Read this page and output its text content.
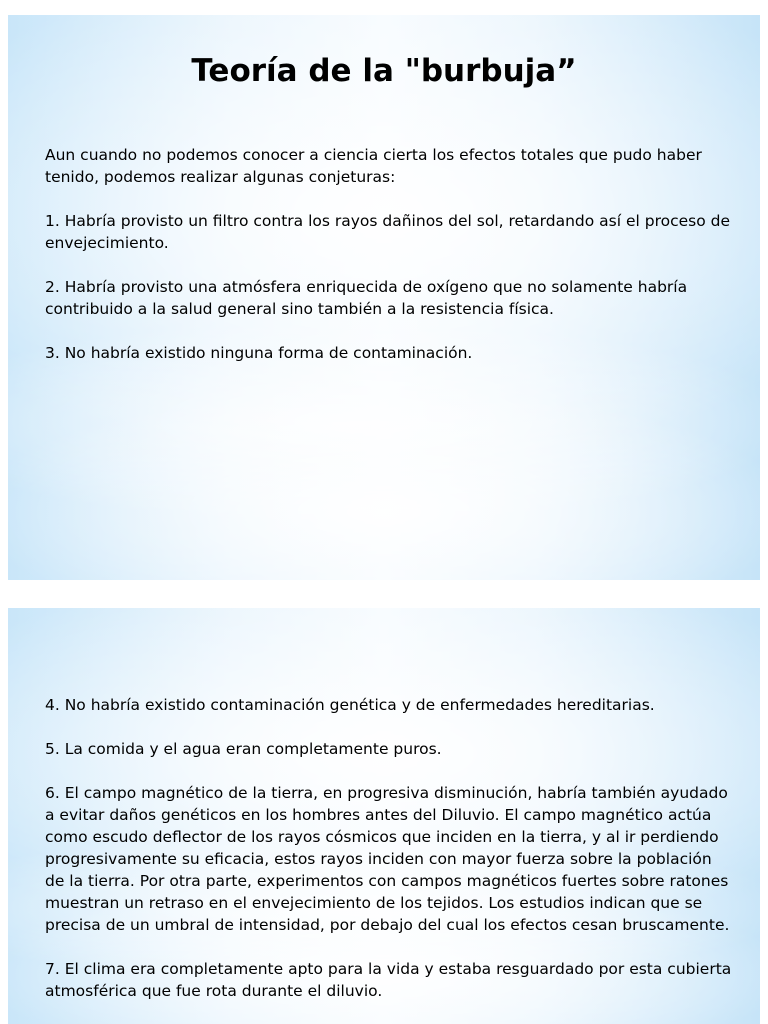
Teoría de la "burbuja”

Aun cuando no podemos conocer a ciencia cierta los efectos totales que pudo haber tenido, podemos realizar algunas conjeturas:

1. Habría provisto un filtro contra los rayos dañinos del sol, retardando así el proceso de envejecimiento.

2. Habría provisto una atmósfera enriquecida de oxígeno que no solamente habría contribuido a la salud general sino también a la resistencia física.

3. No habría existido ninguna forma de contaminación.

4. No habría existido contaminación genética y de enfermedades hereditarias.

5. La comida y el agua eran completamente puros.

6. El campo magnético de la tierra, en progresiva disminución, habría también ayudado a evitar daños genéticos en los hombres antes del Diluvio. El campo magnético actúa como escudo deflector de los rayos cósmicos que inciden en la tierra, y al ir perdiendo progresivamente su eficacia, estos rayos inciden con mayor fuerza sobre la población de la tierra. Por otra parte, experimentos con campos magnéticos fuertes sobre ratones muestran un retraso en el envejecimiento de los tejidos. Los estudios indican que se precisa de un umbral de intensidad, por debajo del cual los efectos cesan bruscamente.

7. El clima era completamente apto para la vida y estaba resguardado por esta cubierta atmosférica que fue rota durante el diluvio.
